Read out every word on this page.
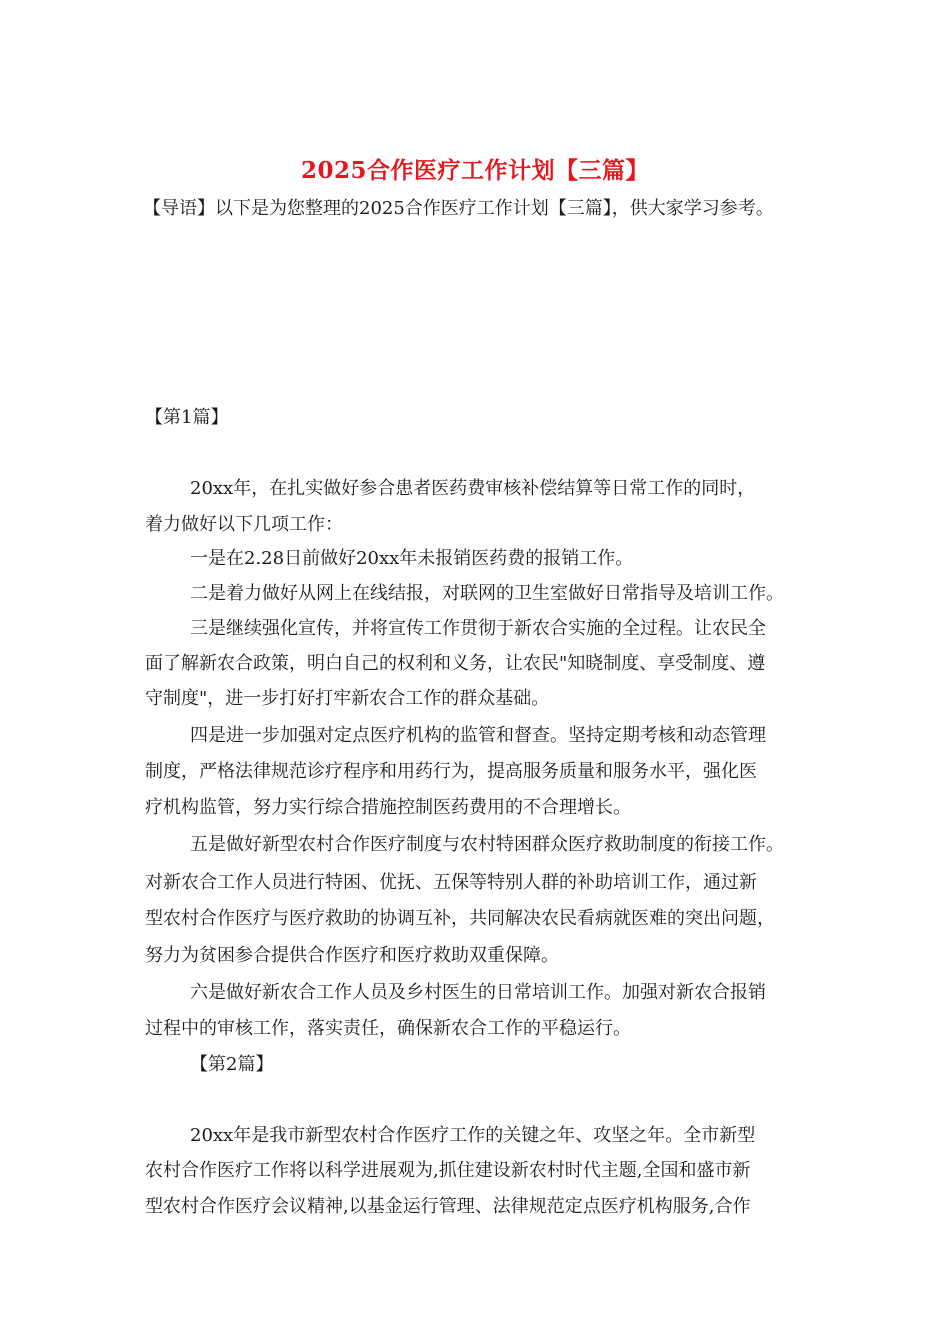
2025合作医疗工作计划【三篇】

【导语】以下是为您整理的2025合作医疗工作计划【三篇】，供大家学习参考。

【第1篇】

20xx年，在扎实做好参合患者医药费审核补偿结算等日常工作的同时，

着力做好以下几项工作：

一是在2.28日前做好20xx年未报销医药费的报销工作。

二是着力做好从网上在线结报，对联网的卫生室做好日常指导及培训工作。

三是继续强化宣传，并将宣传工作贯彻于新农合实施的全过程。让农民全

面了解新农合政策，明白自己的权利和义务，让农民"知晓制度、享受制度、遵

守制度"，进一步打好打牢新农合工作的群众基础。

四是进一步加强对定点医疗机构的监管和督查。坚持定期考核和动态管理

制度，严格法律规范诊疗程序和用药行为，提高服务质量和服务水平，强化医

疗机构监管，努力实行综合措施控制医药费用的不合理增长。

五是做好新型农村合作医疗制度与农村特困群众医疗救助制度的衔接工作。

对新农合工作人员进行特困、优抚、五保等特别人群的补助培训工作，通过新

型农村合作医疗与医疗救助的协调互补，共同解决农民看病就医难的突出问题，

努力为贫困参合提供合作医疗和医疗救助双重保障。

六是做好新农合工作人员及乡村医生的日常培训工作。加强对新农合报销

过程中的审核工作，落实责任，确保新农合工作的平稳运行。

【第2篇】

20xx年是我市新型农村合作医疗工作的关键之年、攻坚之年。全市新型

农村合作医疗工作将以科学进展观为,抓住建设新农村时代主题,全国和盛市新

型农村合作医疗会议精神,以基金运行管理、法律规范定点医疗机构服务,合作
